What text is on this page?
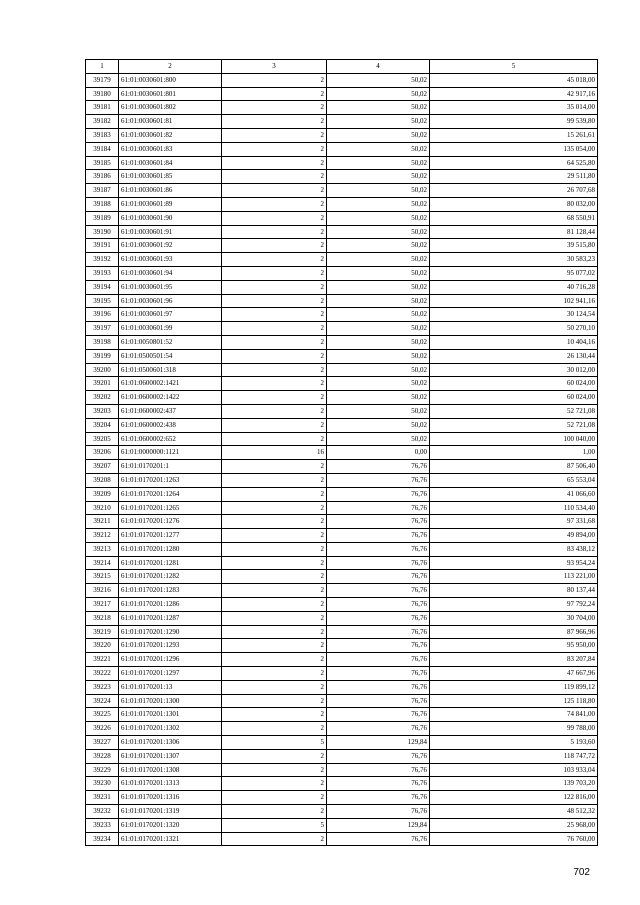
1	2	3	4	5
39179	61:01:0030601:800	2	50,02	45 018,00
39180	61:01:0030601:801	2	50,02	42 917,16
39181	61:01:0030601:802	2	50,02	35 014,00
39182	61:01:0030601:81	2	50,02	99 539,80
39183	61:01:0030601:82	2	50,02	15 261,61
39184	61:01:0030601:83	2	50,02	135 054,00
39185	61:01:0030601:84	2	50,02	64 525,80
39186	61:01:0030601:85	2	50,02	29 511,80
39187	61:01:0030601:86	2	50,02	26 707,68
39188	61:01:0030601:89	2	50,02	80 032,00
39189	61:01:0030601:90	2	50,02	68 550,91
39190	61:01:0030601:91	2	50,02	81 128,44
39191	61:01:0030601:92	2	50,02	39 515,80
39192	61:01:0030601:93	2	50,02	30 583,23
39193	61:01:0030601:94	2	50,02	95 077,02
39194	61:01:0030601:95	2	50,02	40 716,28
39195	61:01:0030601:96	2	50,02	102 941,16
39196	61:01:0030601:97	2	50,02	30 124,54
39197	61:01:0030601:99	2	50,02	50 270,10
39198	61:01:0050801:52	2	50,02	10 404,16
39199	61:01:0500501:54	2	50,02	26 130,44
39200	61:01:0500601:318	2	50,02	30 012,00
39201	61:01:0600002:1421	2	50,02	60 024,00
39202	61:01:0600002:1422	2	50,02	60 024,00
39203	61:01:0600002:437	2	50,02	52 721,08
39204	61:01:0600002:438	2	50,02	52 721,08
39205	61:01:0600002:652	2	50,02	100 040,00
39206	61:01:0000000:1121	16	0,00	1,00
39207	61:01:0170201:1	2	76,76	87 506,40
39208	61:01:0170201:1263	2	76,76	65 553,04
39209	61:01:0170201:1264	2	76,76	41 066,60
39210	61:01:0170201:1265	2	76,76	110 534,40
39211	61:01:0170201:1276	2	76,76	97 331,68
39212	61:01:0170201:1277	2	76,76	49 894,00
39213	61:01:0170201:1280	2	76,76	83 438,12
39214	61:01:0170201:1281	2	76,76	93 954,24
39215	61:01:0170201:1282	2	76,76	113 221,00
39216	61:01:0170201:1283	2	76,76	80 137,44
39217	61:01:0170201:1286	2	76,76	97 792,24
39218	61:01:0170201:1287	2	76,76	30 704,00
39219	61:01:0170201:1290	2	76,76	87 966,96
39220	61:01:0170201:1293	2	76,76	95 950,00
39221	61:01:0170201:1296	2	76,76	83 207,84
39222	61:01:0170201:1297	2	76,76	47 667,96
39223	61:01:0170201:13	2	76,76	119 899,12
39224	61:01:0170201:1300	2	76,76	125 118,80
39225	61:01:0170201:1301	2	76,76	74 841,00
39226	61:01:0170201:1302	2	76,76	99 788,00
39227	61:01:0170201:1306	5	129,84	5 193,60
39228	61:01:0170201:1307	2	76,76	118 747,72
39229	61:01:0170201:1308	2	76,76	103 933,04
39230	61:01:0170201:1313	2	76,76	139 703,20
39231	61:01:0170201:1316	2	76,76	122 816,00
39232	61:01:0170201:1319	2	76,76	48 512,32
39233	61:01:0170201:1320	5	129,84	25 968,00
39234	61:01:0170201:1321	2	76,76	76 760,00
702
